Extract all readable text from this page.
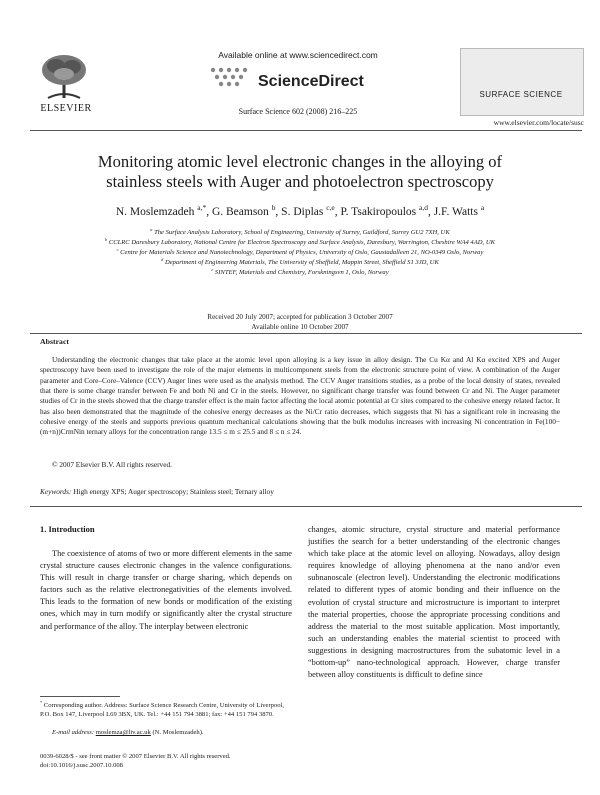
ELSEVIER
Available online at www.sciencedirect.com
ScienceDirect
Surface Science 602 (2008) 216–225
SURFACE SCIENCE
www.elsevier.com/locate/susc
Monitoring atomic level electronic changes in the alloying of
stainless steels with Auger and photoelectron spectroscopy
N. Moslemzadeh $^{a,*}$, G. Beamson $^b$, S. Diplas $^{c,e}$, P. Tsakiropoulos $^{a,d}$, J.F. Watts $^a$
$^a$ The Surface Analysis Laboratory, School of Engineering, University of Surrey, Guildford, Surrey GU2 7XH, UK
$^b$ CCLRC Daresbury Laboratory, National Centre for Electron Spectroscopy and Surface Analysis, Daresbury, Warrington, Cheshire WA4 4AD, UK
$^c$ Centre for Materials Science and Nanotechnology, Department of Physics, University of Oslo, Gaustadalleen 21, NO-0349 Oslo, Norway
$^d$ Department of Engineering Materials, The University of Sheffield, Mappin Street, Sheffield S1 3JD, UK
$^e$ SINTEF, Materials and Chemistry, Forskningsvn 1, Oslo, Norway
Received 20 July 2007; accepted for publication 3 October 2007
Available online 10 October 2007
Abstract
Understanding the electronic changes that take place at the atomic level upon alloying is a key issue in alloy design. The Cu Kα and Al Kα excited XPS and Auger spectroscopy have been used to investigate the role of the major elements in multicomponent steels from the electronic structure point of view. A combination of the Auger parameter and Core–Core–Valence (CCV) Auger lines were used as the analysis method. The CCV Auger transitions studies, as a probe of the local density of states, revealed that there is some charge transfer between Fe and both Ni and Cr in the steels. However, no significant charge transfer was found between Cr and Ni. The Auger parameter studies of Cr in the steels showed that the charge transfer effect is the main factor affecting the local atomic potential at Cr sites compared to the cohesive energy related factor. It has also been demonstrated that the magnitude of the cohesive energy decreases as the Ni/Cr ratio decreases, which suggests that Ni has a significant role in increasing the cohesive energy of the steels and supports previous quantum mechanical calculations showing that the bulk modulus increases with increasing Ni concentration in Fe(100−(m+n))CrmNin ternary alloys for the concentration range 13.5 ≤ m ≤ 25.5 and 8 ≤ n ≤ 24.
© 2007 Elsevier B.V. All rights reserved.
Keywords: High energy XPS; Auger spectroscopy; Stainless steel; Ternary alloy
1. Introduction
The coexistence of atoms of two or more different elements in the same crystal structure causes electronic changes in the valence configurations. This will result in charge transfer or charge sharing, which depends on factors such as the relative electronegativities of the elements involved. This leads to the formation of new bonds or modification of the existing ones, which may in turn modify or significantly alter the crystal structure and performance of the alloy. The interplay between electronic
changes, atomic structure, crystal structure and material performance justifies the search for a better understanding of the electronic changes which take place at the atomic level on alloying. Nowadays, alloy design requires knowledge of alloying phenomena at the nano and/or even subnanoscale (electron level). Understanding the electronic modifications related to different types of atomic bonding and their influence on the evolution of crystal structure and microstructure is important to interpret the material properties, choose the appropriate processing conditions and address the material to the most suitable application. Most importantly, such an understanding enables the material scientist to proceed with suggestions in designing macrostructures from the subatomic level in a “bottom-up” nano-technological approach. However, charge transfer between alloy constituents is difficult to define since
* Corresponding author. Address: Surface Science Research Centre, University of Liverpool, P.O. Box 147, Liverpool L69 3BX, UK. Tel.: +44 151 794 3881; fax: +44 151 794 3870.
E-mail address: moslemza@liv.ac.uk (N. Moslemzadeh).
0039-6028/$ - see front matter © 2007 Elsevier B.V. All rights reserved.
doi:10.1016/j.susc.2007.10.008
